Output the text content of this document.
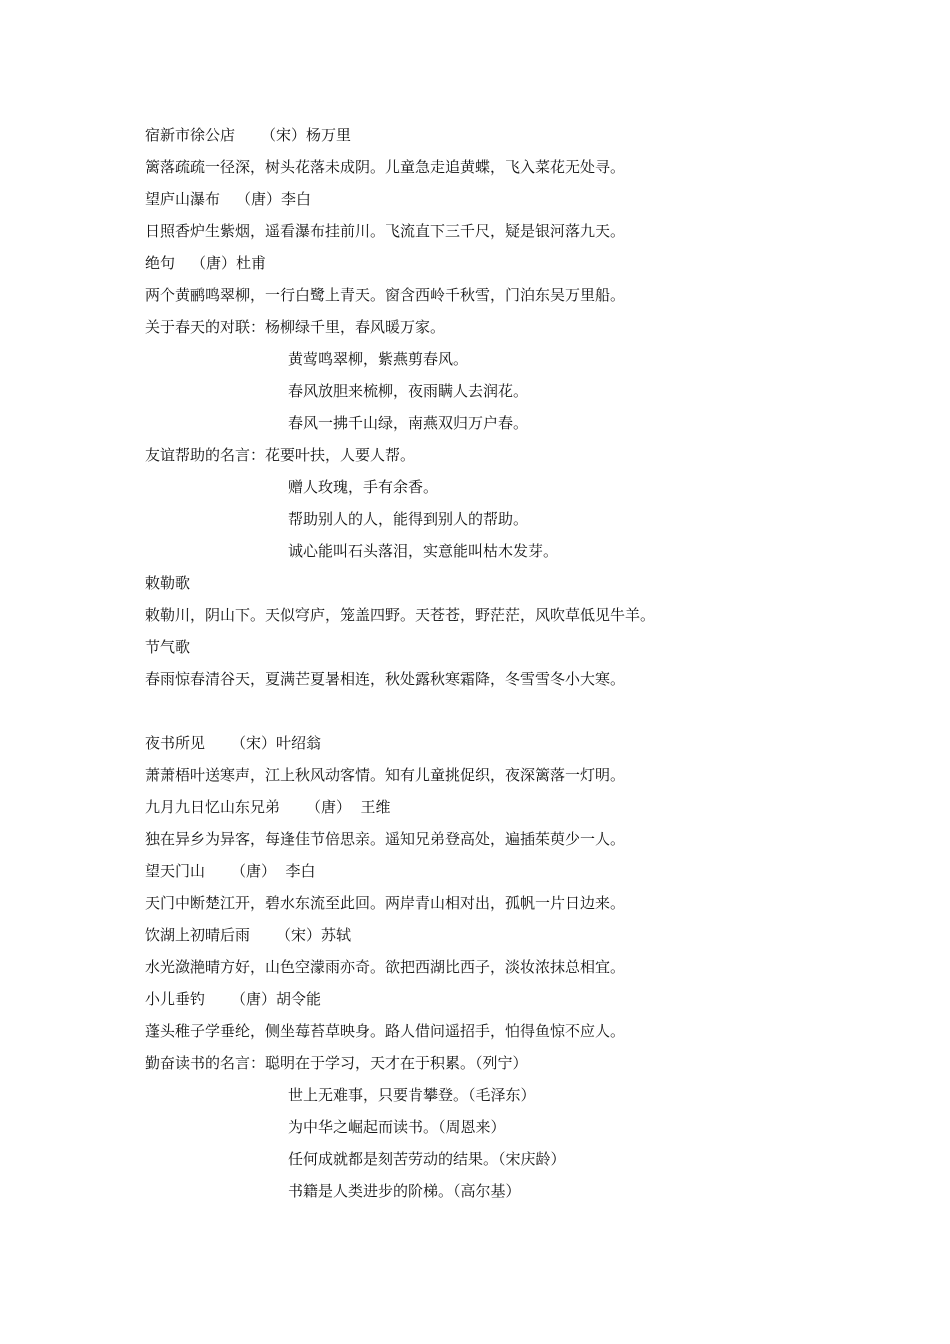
宿新市徐公店 （宋）杨万里
篱落疏疏一径深，树头花落未成阴。儿童急走追黄蝶，飞入菜花无处寻。
望庐山瀑布 （唐）李白
日照香炉生紫烟，遥看瀑布挂前川。飞流直下三千尺，疑是银河落九天。
绝句 （唐）杜甫
两个黄鹂鸣翠柳，一行白鹭上青天。窗含西岭千秋雪，门泊东吴万里船。
关于春天的对联：杨柳绿千里，春风暖万家。
黄莺鸣翠柳，紫燕剪春风。
春风放胆来梳柳，夜雨瞒人去润花。
春风一拂千山绿，南燕双归万户春。
友谊帮助的名言：花要叶扶，人要人帮。
赠人玫瑰，手有余香。
帮助别人的人，能得到别人的帮助。
诚心能叫石头落泪，实意能叫枯木发芽。
敕勒歌
敕勒川，阴山下。天似穹庐，笼盖四野。天苍苍，野茫茫，风吹草低见牛羊。
节气歌
春雨惊春清谷天，夏满芒夏暑相连，秋处露秋寒霜降，冬雪雪冬小大寒。
夜书所见 （宋）叶绍翁
萧萧梧叶送寒声，江上秋风动客情。知有儿童挑促织，夜深篱落一灯明。
九月九日忆山东兄弟 （唐）  王维
独在异乡为异客，每逢佳节倍思亲。遥知兄弟登高处，遍插茱萸少一人。
望天门山 （唐）  李白
天门中断楚江开，碧水东流至此回。两岸青山相对出，孤帆一片日边来。
饮湖上初晴后雨 （宋）苏轼
水光潋滟晴方好，山色空濛雨亦奇。欲把西湖比西子，淡妆浓抹总相宜。
小儿垂钓 （唐）胡令能
蓬头稚子学垂纶，侧坐莓苔草映身。路人借问遥招手，怕得鱼惊不应人。
勤奋读书的名言：聪明在于学习，天才在于积累。（列宁）
世上无难事，只要肯攀登。（毛泽东）
为中华之崛起而读书。（周恩来）
任何成就都是刻苦劳动的结果。（宋庆龄）
书籍是人类进步的阶梯。（高尔基）
